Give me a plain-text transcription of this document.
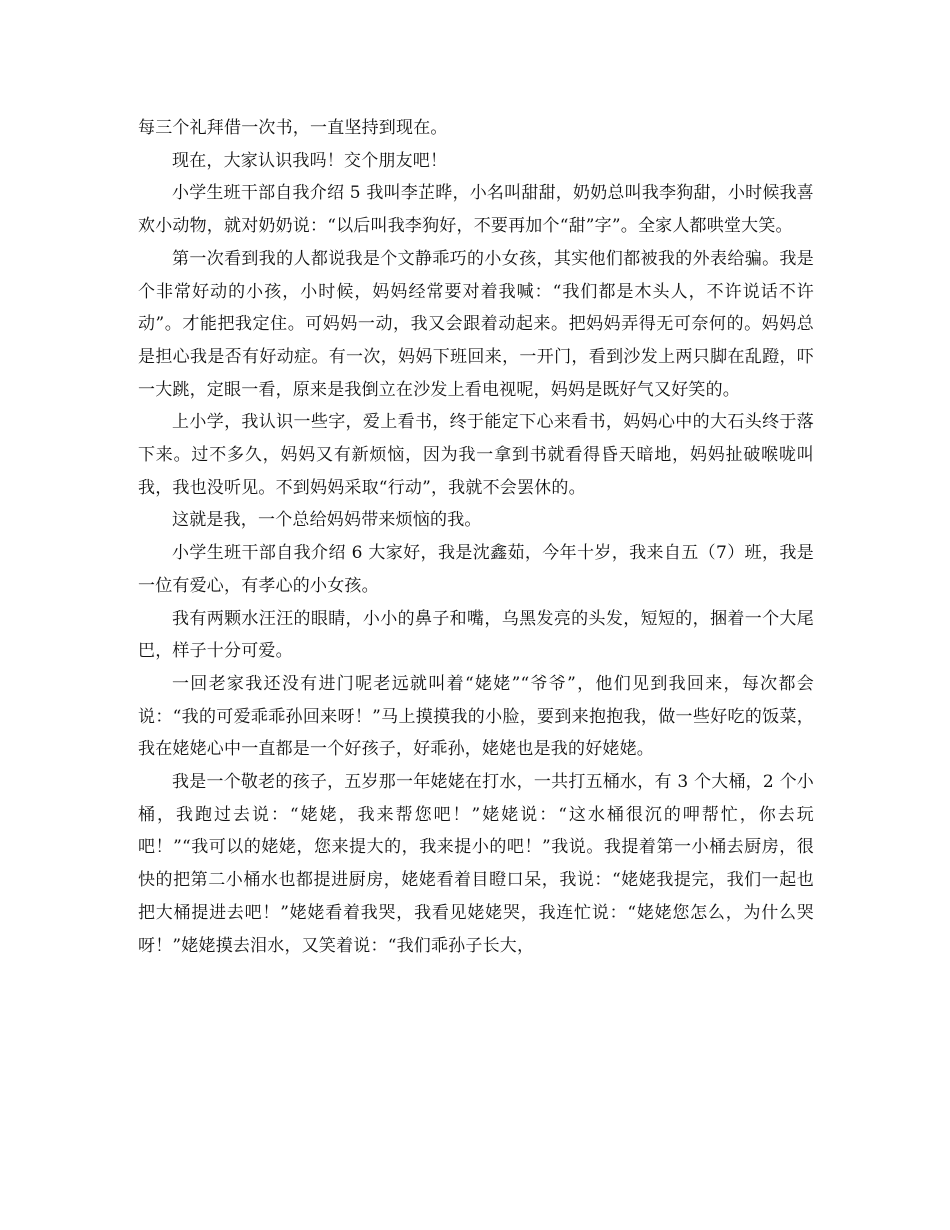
每三个礼拜借一次书，一直坚持到现在。

现在，大家认识我吗！交个朋友吧！

小学生班干部自我介绍 5 我叫李芷晔，小名叫甜甜，奶奶总叫我李狗甜，小时候我喜欢小动物，就对奶奶说：“以后叫我李狗好，不要再加个“甜”字”。全家人都哄堂大笑。

第一次看到我的人都说我是个文静乖巧的小女孩，其实他们都被我的外表给骗。我是个非常好动的小孩，小时候，妈妈经常要对着我喊：“我们都是木头人，不许说话不许动”。才能把我定住。可妈妈一动，我又会跟着动起来。把妈妈弄得无可奈何的。妈妈总是担心我是否有好动症。有一次，妈妈下班回来，一开门，看到沙发上两只脚在乱蹬，吓一大跳，定眼一看，原来是我倒立在沙发上看电视呢，妈妈是既好气又好笑的。

上小学，我认识一些字，爱上看书，终于能定下心来看书，妈妈心中的大石头终于落下来。过不多久，妈妈又有新烦恼，因为我一拿到书就看得昏天暗地，妈妈扯破喉咙叫我，我也没听见。不到妈妈采取“行动”，我就不会罢休的。

这就是我，一个总给妈妈带来烦恼的我。

小学生班干部自我介绍 6 大家好，我是沈鑫茹，今年十岁，我来自五（7）班，我是一位有爱心，有孝心的小女孩。

我有两颗水汪汪的眼睛，小小的鼻子和嘴，乌黑发亮的头发，短短的，捆着一个大尾巴，样子十分可爱。

一回老家我还没有进门呢老远就叫着“姥姥”“爷爷”，他们见到我回来，每次都会说：“我的可爱乖乖孙回来呀！”马上摸摸我的小脸，要到来抱抱我，做一些好吃的饭菜，我在姥姥心中一直都是一个好孩子，好乖孙，姥姥也是我的好姥姥。

我是一个敬老的孩子，五岁那一年姥姥在打水，一共打五桶水，有 3 个大桶，2 个小桶，我跑过去说：“姥姥，我来帮您吧！”姥姥说：“这水桶很沉的呷帮忙，你去玩吧！”“我可以的姥姥，您来提大的，我来提小的吧！”我说。我提着第一小桶去厨房，很快的把第二小桶水也都提进厨房，姥姥看着目瞪口呆，我说：“姥姥我提完，我们一起也把大桶提进去吧！”姥姥看着我哭，我看见姥姥哭，我连忙说：“姥姥您怎么，为什么哭呀！”姥姥摸去泪水，又笑着说：“我们乖孙子长大，
